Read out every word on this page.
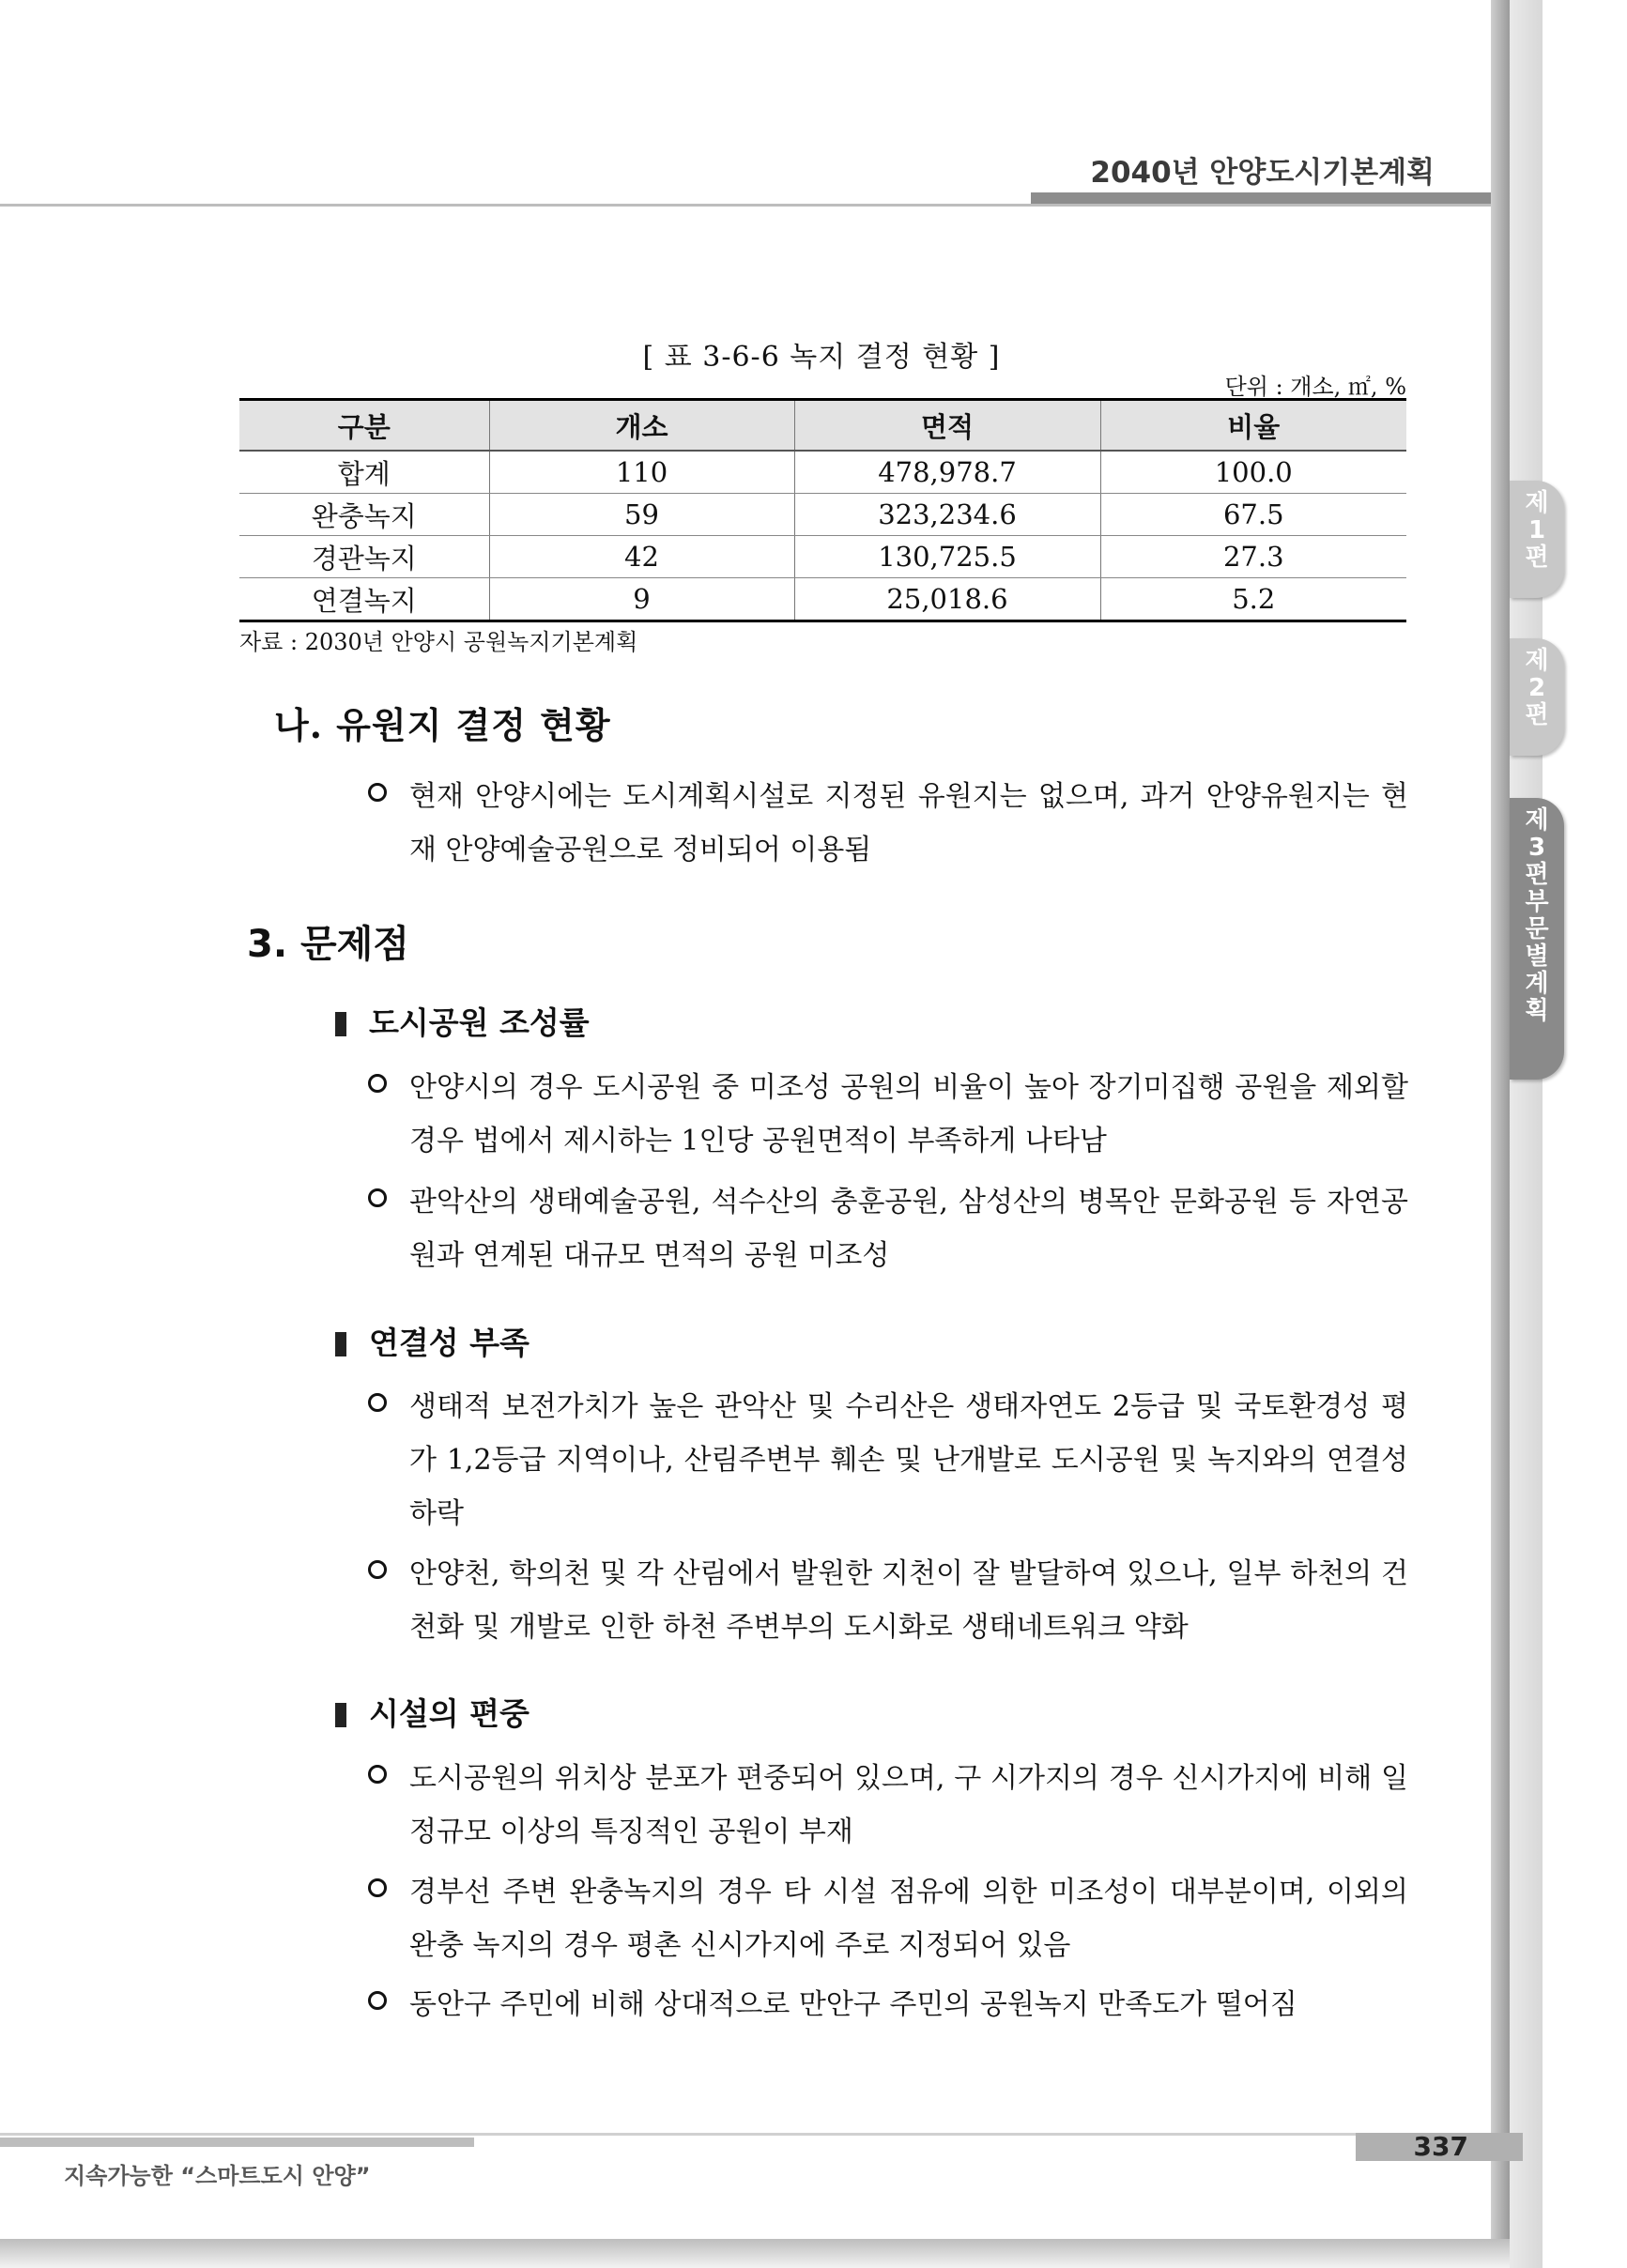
2040년 안양도시기본계획
제
1
편
제
2
편
제
3
편
부
문
별
계
획
[ 표 3-6-6 녹지 결정 현황 ]
단위 : 개소, ㎡, %
구분	개소	면적	비율
합계	110	478,978.7	100.0
완충녹지	59	323,234.6	67.5
경관녹지	42	130,725.5	27.3
연결녹지	9	25,018.6	5.2
자료 : 2030년 안양시 공원녹지기본계획
나. 유원지 결정 현황
현재 안양시에는 도시계획시설로 지정된 유원지는 없으며, 과거 안양유원지는 현재 안양예술공원으로 정비되어 이용됨
3. 문제점
도시공원 조성률
안양시의 경우 도시공원 중 미조성 공원의 비율이 높아 장기미집행 공원을 제외할 경우 법에서 제시하는 1인당 공원면적이 부족하게 나타남
관악산의 생태예술공원, 석수산의 충훈공원, 삼성산의 병목안 문화공원 등 자연공원과 연계된 대규모 면적의 공원 미조성
연결성 부족
생태적 보전가치가 높은 관악산 및 수리산은 생태자연도 2등급 및 국토환경성 평가 1,2등급 지역이나, 산림주변부 훼손 및 난개발로 도시공원 및 녹지와의 연결성 하락
안양천, 학의천 및 각 산림에서 발원한 지천이 잘 발달하여 있으나, 일부 하천의 건천화 및 개발로 인한 하천 주변부의 도시화로 생태네트워크 약화
시설의 편중
도시공원의 위치상 분포가 편중되어 있으며, 구 시가지의 경우 신시가지에 비해 일정규모 이상의 특징적인 공원이 부재
경부선 주변 완충녹지의 경우 타 시설 점유에 의한 미조성이 대부분이며, 이외의 완충 녹지의 경우 평촌 신시가지에 주로 지정되어 있음
동안구 주민에 비해 상대적으로 만안구 주민의 공원녹지 만족도가 떨어짐
지속가능한 “스마트도시 안양”
337
